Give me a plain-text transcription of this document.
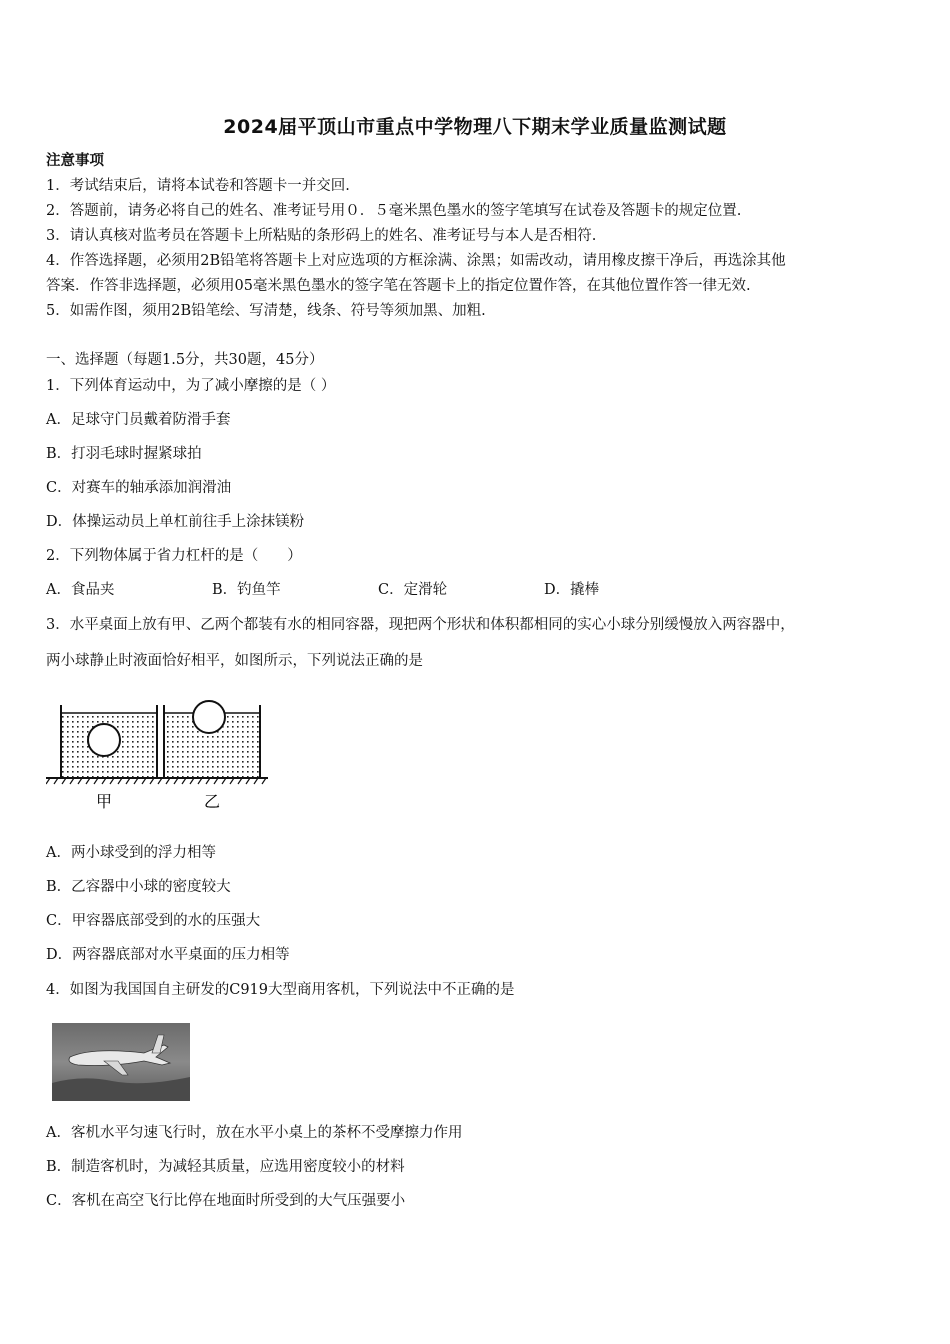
2024届平顶山市重点中学物理八下期末学业质量监测试题
注意事项
1．考试结束后，请将本试卷和答题卡一并交回.
2．答题前，请务必将自己的姓名、准考证号用０．５毫米黑色墨水的签字笔填写在试卷及答题卡的规定位置.
3．请认真核对监考员在答题卡上所粘贴的条形码上的姓名、准考证号与本人是否相符.
4．作答选择题，必须用2B铅笔将答题卡上对应选项的方框涂满、涂黑；如需改动，请用橡皮擦干净后，再选涂其他
答案．作答非选择题，必须用05毫米黑色墨水的签字笔在答题卡上的指定位置作答，在其他位置作答一律无效.
5．如需作图，须用2B铅笔绘、写清楚，线条、符号等须加黑、加粗.
一、选择题（每题1.5分，共30题，45分）
1．下列体育运动中，为了减小摩擦的是（ ）
A．足球守门员戴着防滑手套
B．打羽毛球时握紧球拍
C．对赛车的轴承添加润滑油
D．体操运动员上单杠前往手上涂抹镁粉
2．下列物体属于省力杠杆的是（　　）
A．食品夹	B．钓鱼竿	C．定滑轮	D．撬棒
3．水平桌面上放有甲、乙两个都装有水的相同容器，现把两个形状和体积都相同的实心小球分别缓慢放入两容器中，
两小球静止时液面恰好相平，如图所示，下列说法正确的是
甲	乙
A．两小球受到的浮力相等
B．乙容器中小球的密度较大
C．甲容器底部受到的水的压强大
D．两容器底部对水平桌面的压力相等
4．如图为我国国自主研发的C919大型商用客机，下列说法中不正确的是
A．客机水平匀速飞行时，放在水平小桌上的茶杯不受摩擦力作用
B．制造客机时，为减轻其质量，应选用密度较小的材料
C．客机在高空飞行比停在地面时所受到的大气压强要小
